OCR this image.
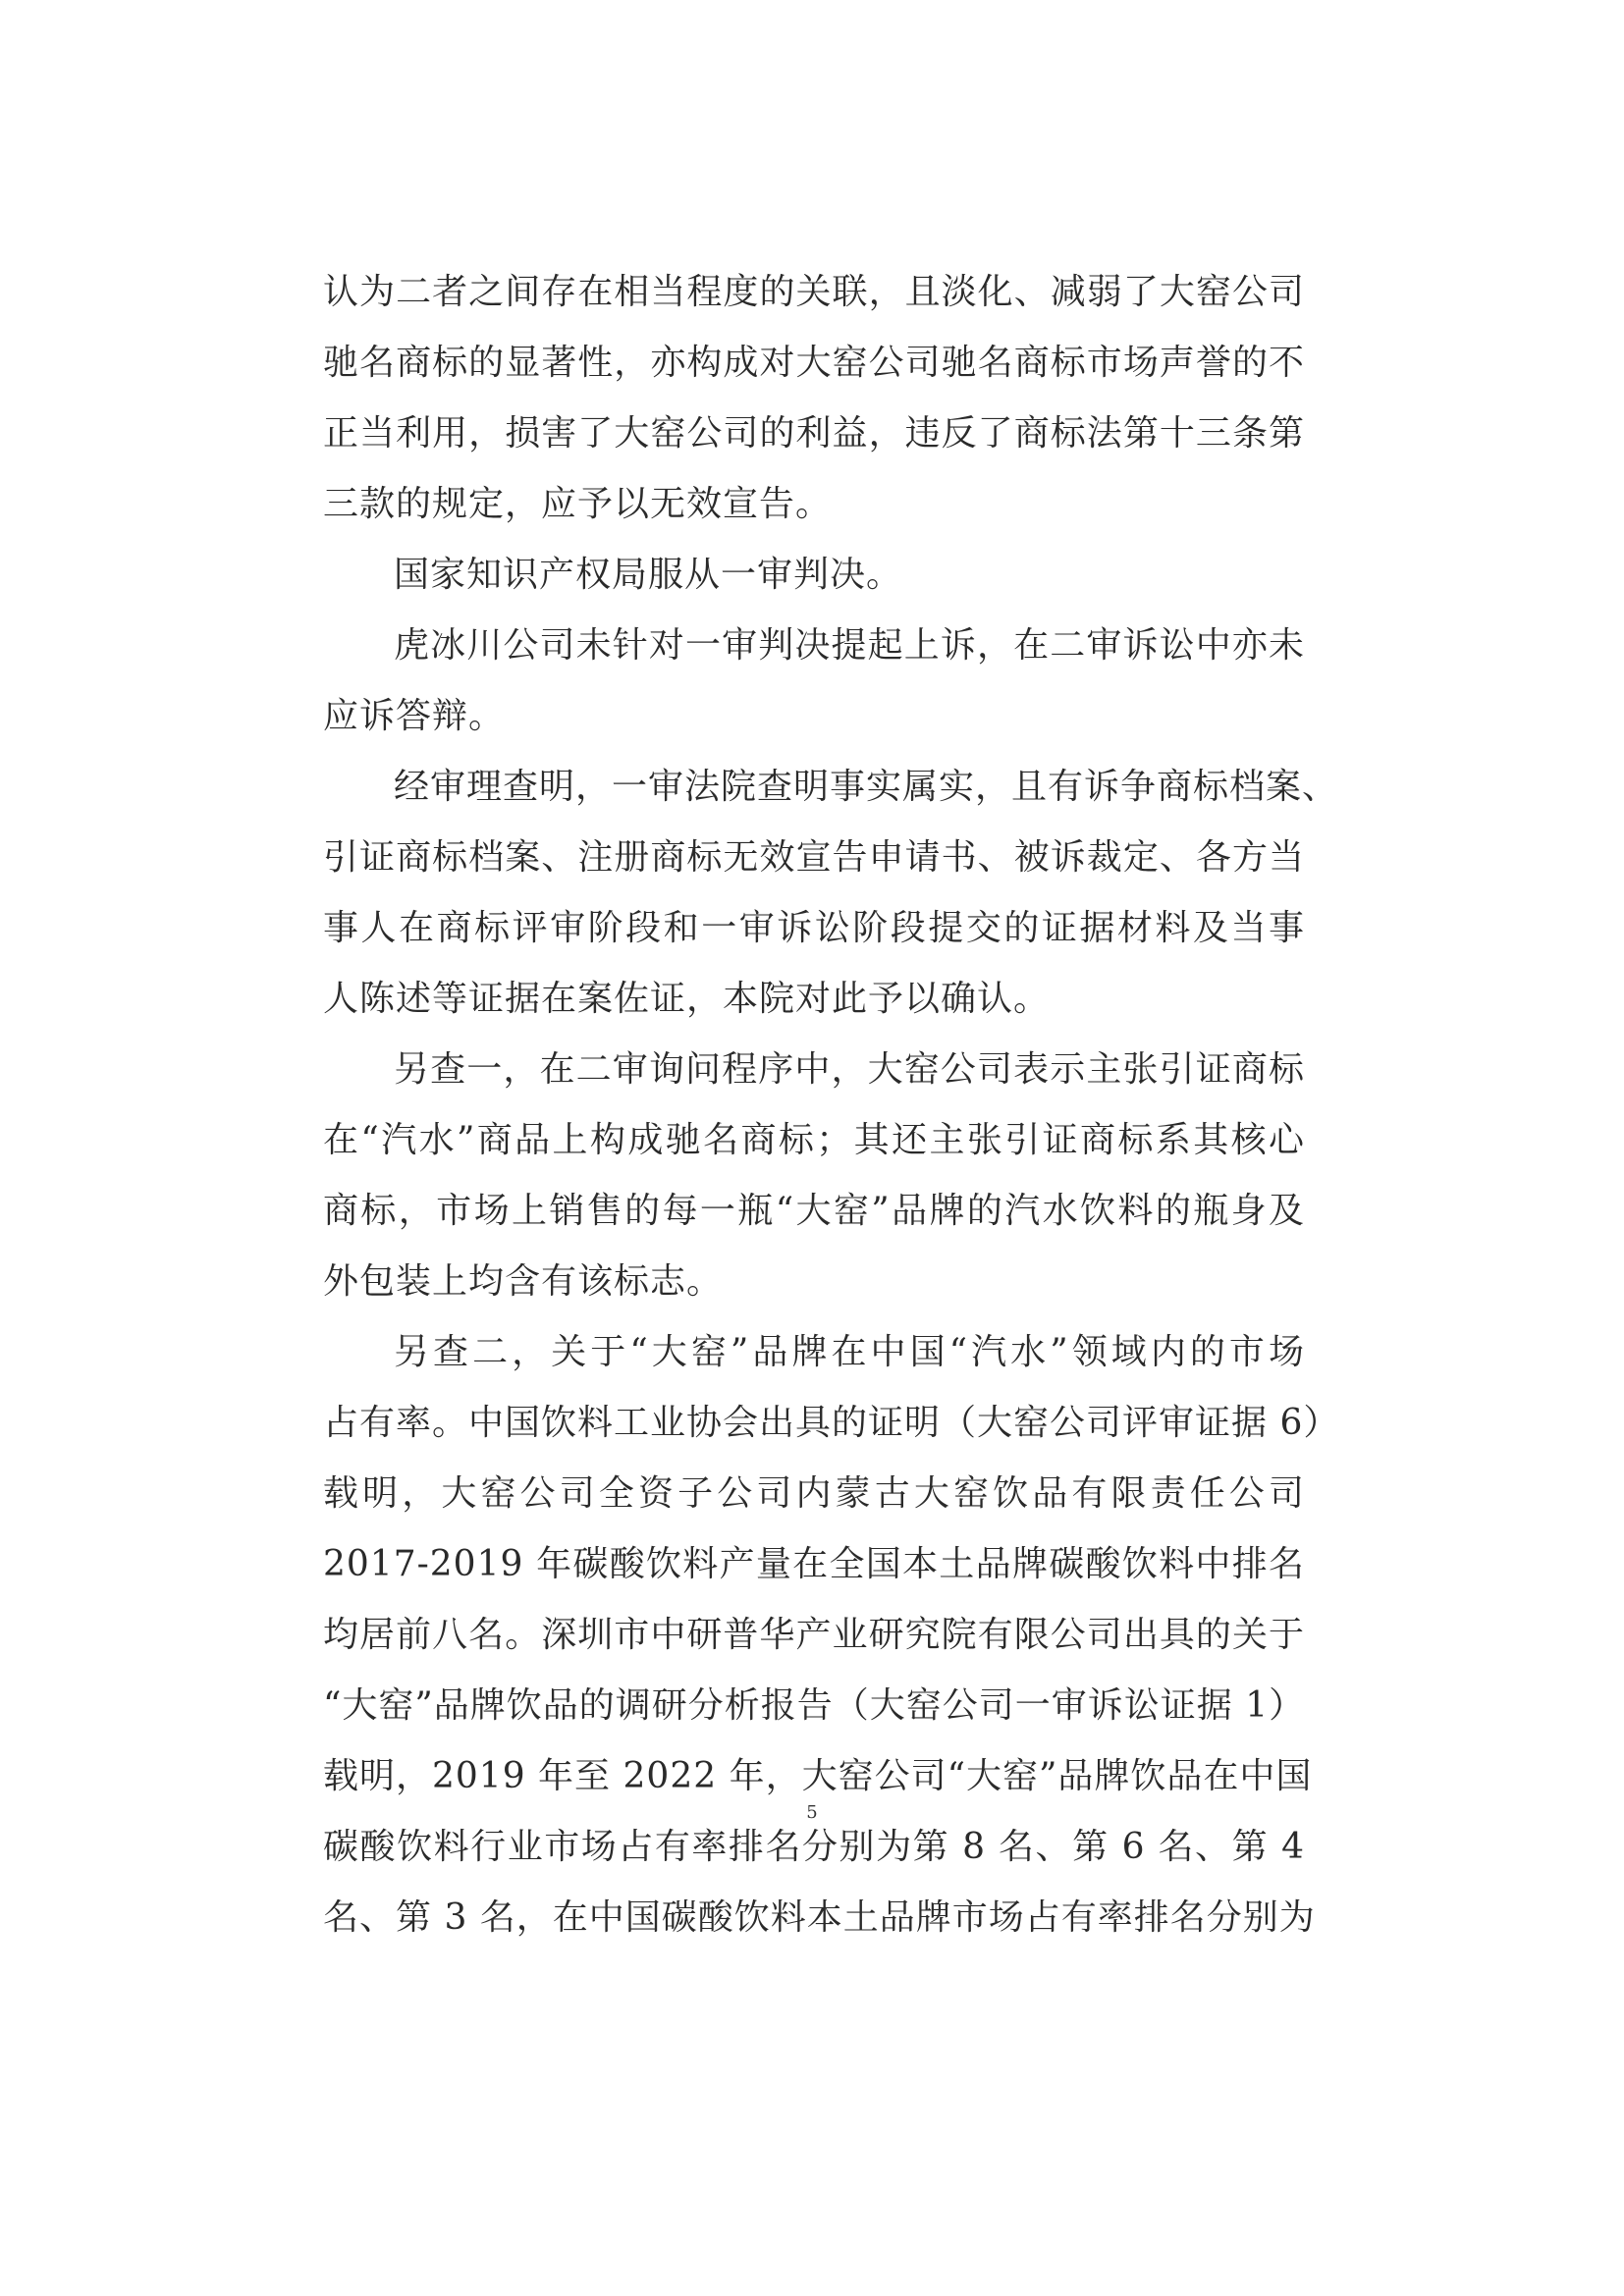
认为二者之间存在相当程度的关联，且淡化、减弱了大窑公司
驰名商标的显著性，亦构成对大窑公司驰名商标市场声誉的不
正当利用，损害了大窑公司的利益，违反了商标法第十三条第
三款的规定，应予以无效宣告。
国家知识产权局服从一审判决。
虎冰川公司未针对一审判决提起上诉，在二审诉讼中亦未
应诉答辩。
经审理查明，一审法院查明事实属实，且有诉争商标档案、
引证商标档案、注册商标无效宣告申请书、被诉裁定、各方当
事人在商标评审阶段和一审诉讼阶段提交的证据材料及当事
人陈述等证据在案佐证，本院对此予以确认。
另查一，在二审询问程序中，大窑公司表示主张引证商标
在“汽水”商品上构成驰名商标；其还主张引证商标系其核心
商标，市场上销售的每一瓶“大窑”品牌的汽水饮料的瓶身及
外包装上均含有该标志。
另查二，关于“大窑”品牌在中国“汽水”领域内的市场
占有率。中国饮料工业协会出具的证明（大窑公司评审证据 6）
载明，大窑公司全资子公司内蒙古大窑饮品有限责任公司
2017-2019 年碳酸饮料产量在全国本土品牌碳酸饮料中排名
均居前八名。深圳市中研普华产业研究院有限公司出具的关于
“大窑”品牌饮品的调研分析报告（大窑公司一审诉讼证据 1）
载明，2019 年至 2022 年，大窑公司“大窑”品牌饮品在中国
碳酸饮料行业市场占有率排名分别为第 8 名、第 6 名、第 4
名、第 3 名，在中国碳酸饮料本土品牌市场占有率排名分别为
5
